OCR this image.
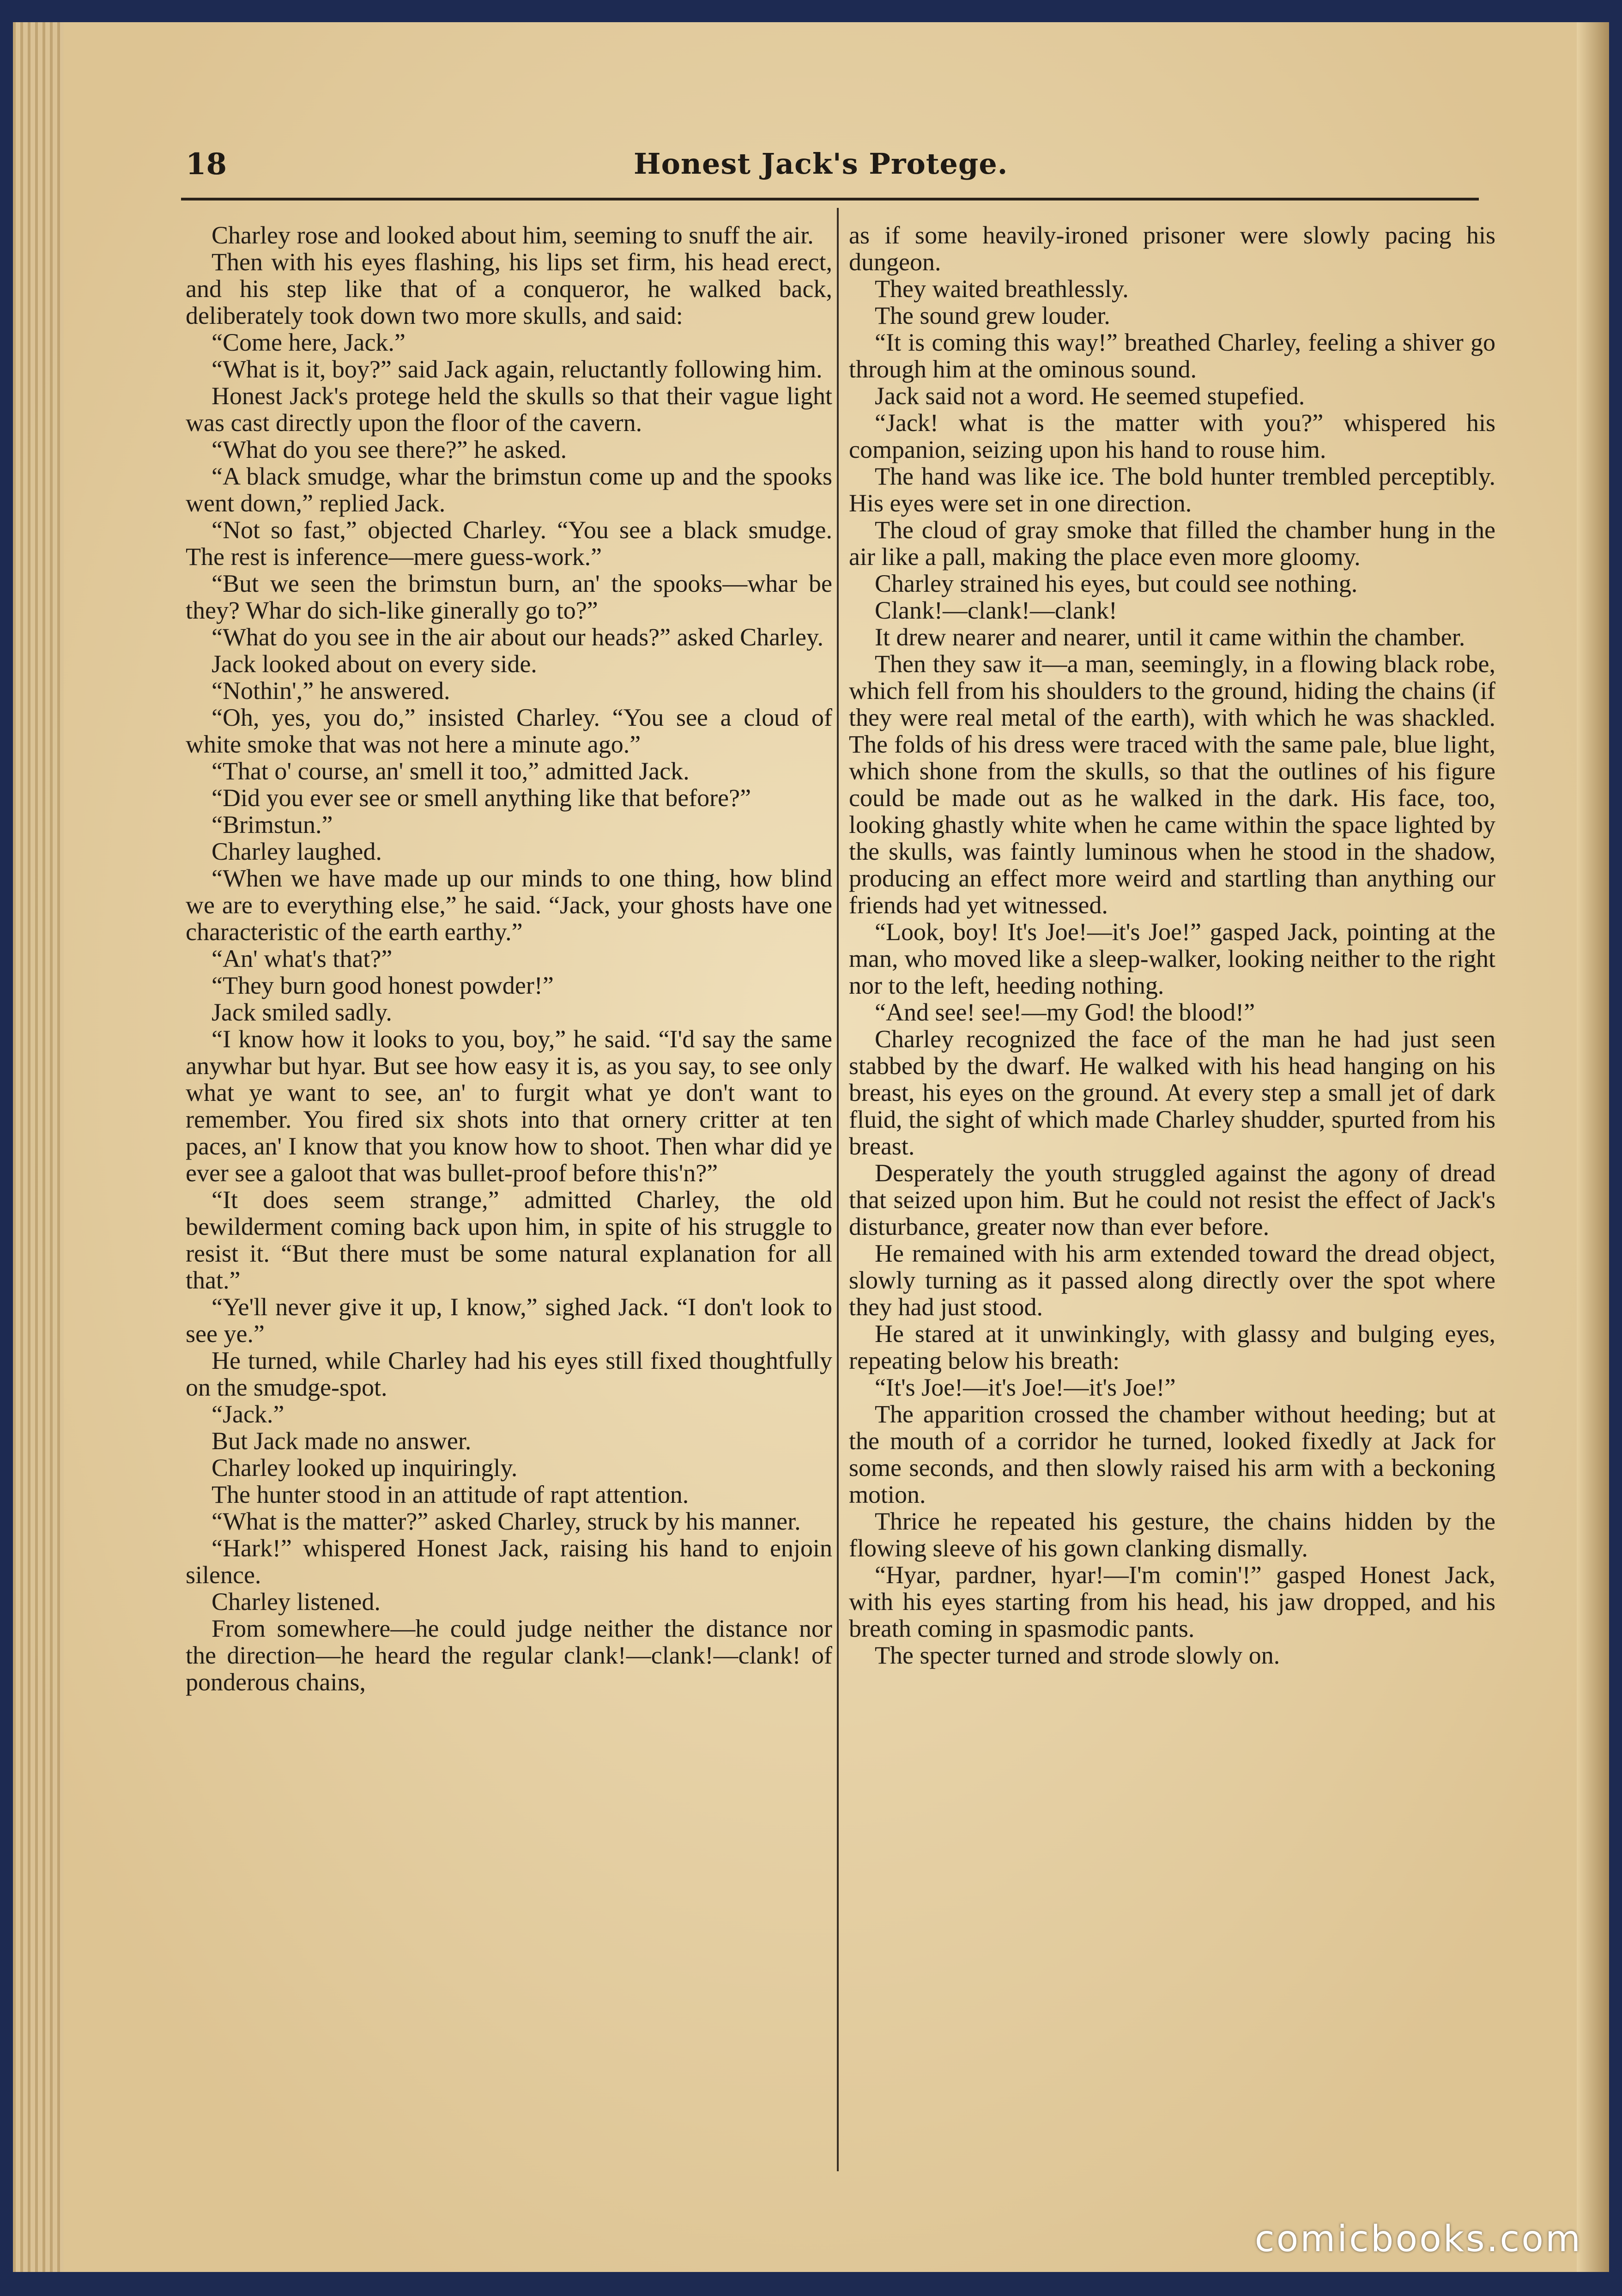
18	Honest Jack's Protege.

Charley rose and looked about him, seeming to snuff the air.

Then with his eyes flashing, his lips set firm, his head erect, and his step like that of a conqueror, he walked back, deliberately took down two more skulls, and said:

“Come here, Jack.”

“What is it, boy?” said Jack again, reluctantly following him.

Honest Jack's protege held the skulls so that their vague light was cast directly upon the floor of the cavern.

“What do you see there?” he asked.

“A black smudge, whar the brimstun come up and the spooks went down,” replied Jack.

“Not so fast,” objected Charley. “You see a black smudge. The rest is inference—mere guess-work.”

“But we seen the brimstun burn, an' the spooks—whar be they? Whar do sich-like ginerally go to?”

“What do you see in the air about our heads?” asked Charley.

Jack looked about on every side.

“Nothin',” he answered.

“Oh, yes, you do,” insisted Charley. “You see a cloud of white smoke that was not here a minute ago.”

“That o' course, an' smell it too,” admitted Jack.

“Did you ever see or smell anything like that before?”

“Brimstun.”

Charley laughed.

“When we have made up our minds to one thing, how blind we are to everything else,” he said. “Jack, your ghosts have one characteristic of the earth earthy.”

“An' what's that?”

“They burn good honest powder!”

Jack smiled sadly.

“I know how it looks to you, boy,” he said. “I'd say the same anywhar but hyar. But see how easy it is, as you say, to see only what ye want to see, an' to furgit what ye don't want to remember. You fired six shots into that ornery critter at ten paces, an' I know that you know how to shoot. Then whar did ye ever see a galoot that was bullet-proof before this'n?”

“It does seem strange,” admitted Charley, the old bewilderment coming back upon him, in spite of his struggle to resist it. “But there must be some natural explanation for all that.”

“Ye'll never give it up, I know,” sighed Jack. “I don't look to see ye.”

He turned, while Charley had his eyes still fixed thoughtfully on the smudge-spot.

“Jack.”

But Jack made no answer.

Charley looked up inquiringly.

The hunter stood in an attitude of rapt attention.

“What is the matter?” asked Charley, struck by his manner.

“Hark!” whispered Honest Jack, raising his hand to enjoin silence.

Charley listened.

From somewhere—he could judge neither the distance nor the direction—he heard the regular clank!—clank!—clank! of ponderous chains,

as if some heavily-ironed prisoner were slowly pacing his dungeon.

They waited breathlessly.

The sound grew louder.

“It is coming this way!” breathed Charley, feeling a shiver go through him at the ominous sound.

Jack said not a word. He seemed stupefied.

“Jack! what is the matter with you?” whispered his companion, seizing upon his hand to rouse him.

The hand was like ice. The bold hunter trembled perceptibly. His eyes were set in one direction.

The cloud of gray smoke that filled the chamber hung in the air like a pall, making the place even more gloomy.

Charley strained his eyes, but could see nothing.

Clank!—clank!—clank!

It drew nearer and nearer, until it came within the chamber.

Then they saw it—a man, seemingly, in a flowing black robe, which fell from his shoulders to the ground, hiding the chains (if they were real metal of the earth), with which he was shackled. The folds of his dress were traced with the same pale, blue light, which shone from the skulls, so that the outlines of his figure could be made out as he walked in the dark. His face, too, looking ghastly white when he came within the space lighted by the skulls, was faintly luminous when he stood in the shadow, producing an effect more weird and startling than anything our friends had yet witnessed.

“Look, boy! It's Joe!—it's Joe!” gasped Jack, pointing at the man, who moved like a sleep-walker, looking neither to the right nor to the left, heeding nothing.

“And see! see!—my God! the blood!”

Charley recognized the face of the man he had just seen stabbed by the dwarf. He walked with his head hanging on his breast, his eyes on the ground. At every step a small jet of dark fluid, the sight of which made Charley shudder, spurted from his breast.

Desperately the youth struggled against the agony of dread that seized upon him. But he could not resist the effect of Jack's disturbance, greater now than ever before.

He remained with his arm extended toward the dread object, slowly turning as it passed along directly over the spot where they had just stood.

He stared at it unwinkingly, with glassy and bulging eyes, repeating below his breath:

“It's Joe!—it's Joe!—it's Joe!”

The apparition crossed the chamber without heeding; but at the mouth of a corridor he turned, looked fixedly at Jack for some seconds, and then slowly raised his arm with a beckoning motion.

Thrice he repeated his gesture, the chains hidden by the flowing sleeve of his gown clanking dismally.

“Hyar, pardner, hyar!—I'm comin'!” gasped Honest Jack, with his eyes starting from his head, his jaw dropped, and his breath coming in spasmodic pants.

The specter turned and strode slowly on.

comicbooks.com
